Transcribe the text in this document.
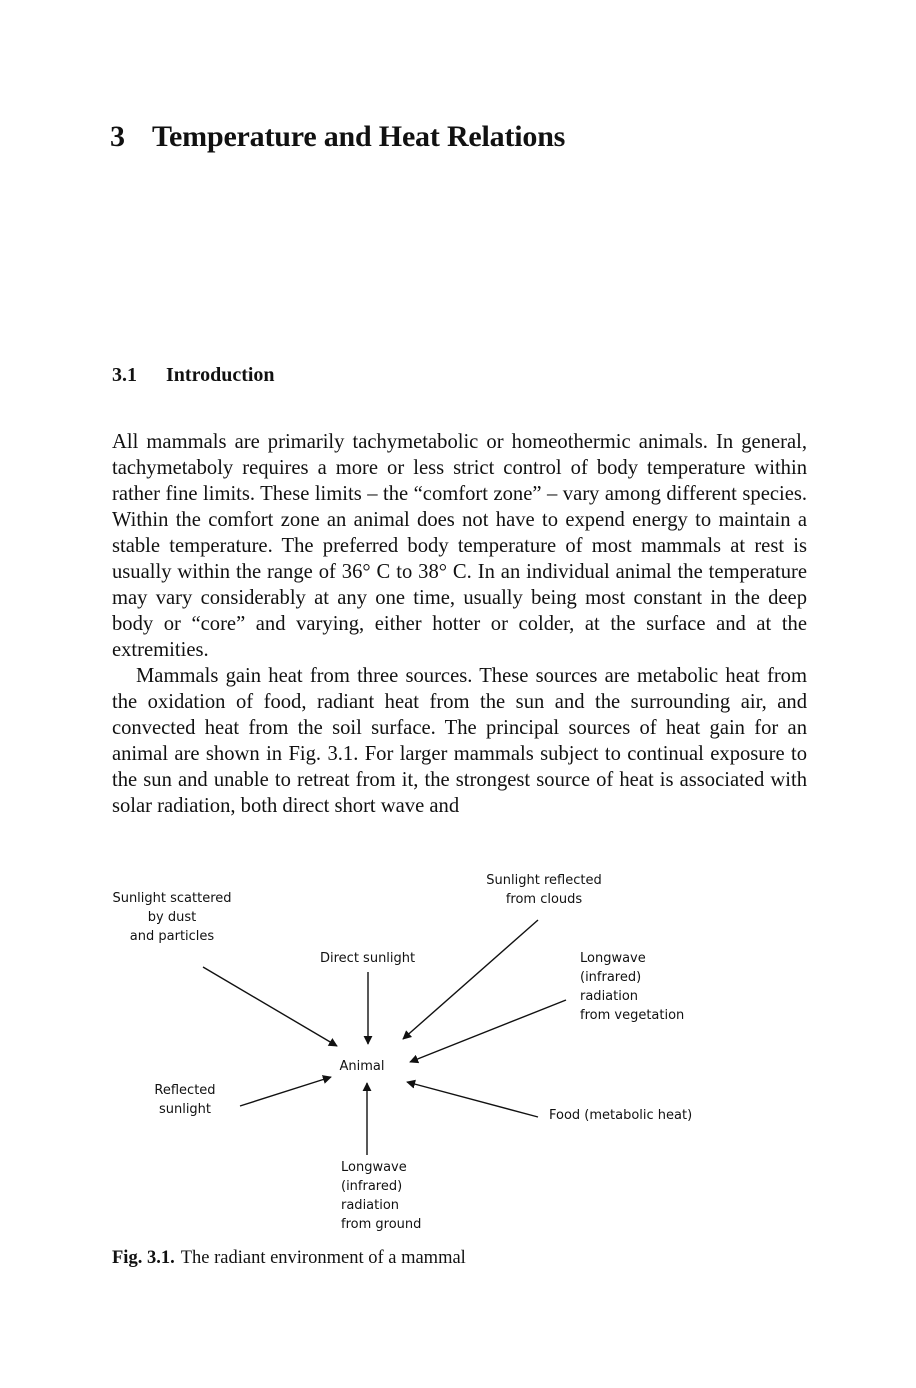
3 Temperature and Heat Relations
3.1 Introduction

All mammals are primarily tachymetabolic or homeothermic animals. In general, tachymetaboly requires a more or less strict control of body temperature within rather fine limits. These limits – the “comfort zone” – vary among different species. Within the comfort zone an animal does not have to expend energy to maintain a stable temperature. The preferred body temperature of most mammals at rest is usually within the range of 36° C to 38° C. In an individual animal the temperature may vary considerably at any one time, usually being most constant in the deep body or “core” and varying, either hotter or colder, at the surface and at the extremities.

Mammals gain heat from three sources. These sources are metabolic heat from the oxidation of food, radiant heat from the sun and the surrounding air, and convected heat from the soil surface. The principal sources of heat gain for an animal are shown in Fig. 3.1. For larger mammals subject to continual exposure to the sun and unable to retreat from it, the strongest source of heat is associated with solar radiation, both direct short wave and

Sunlight scattered
by dust
and particles

Direct sunlight

Sunlight reflected
from clouds

Longwave
(infrared)
radiation
from vegetation

Animal

Reflected
sunlight	Food (metabolic heat)

Longwave
(infrared)
radiation
from ground

Fig. 3.1. The radiant environment of a mammal
